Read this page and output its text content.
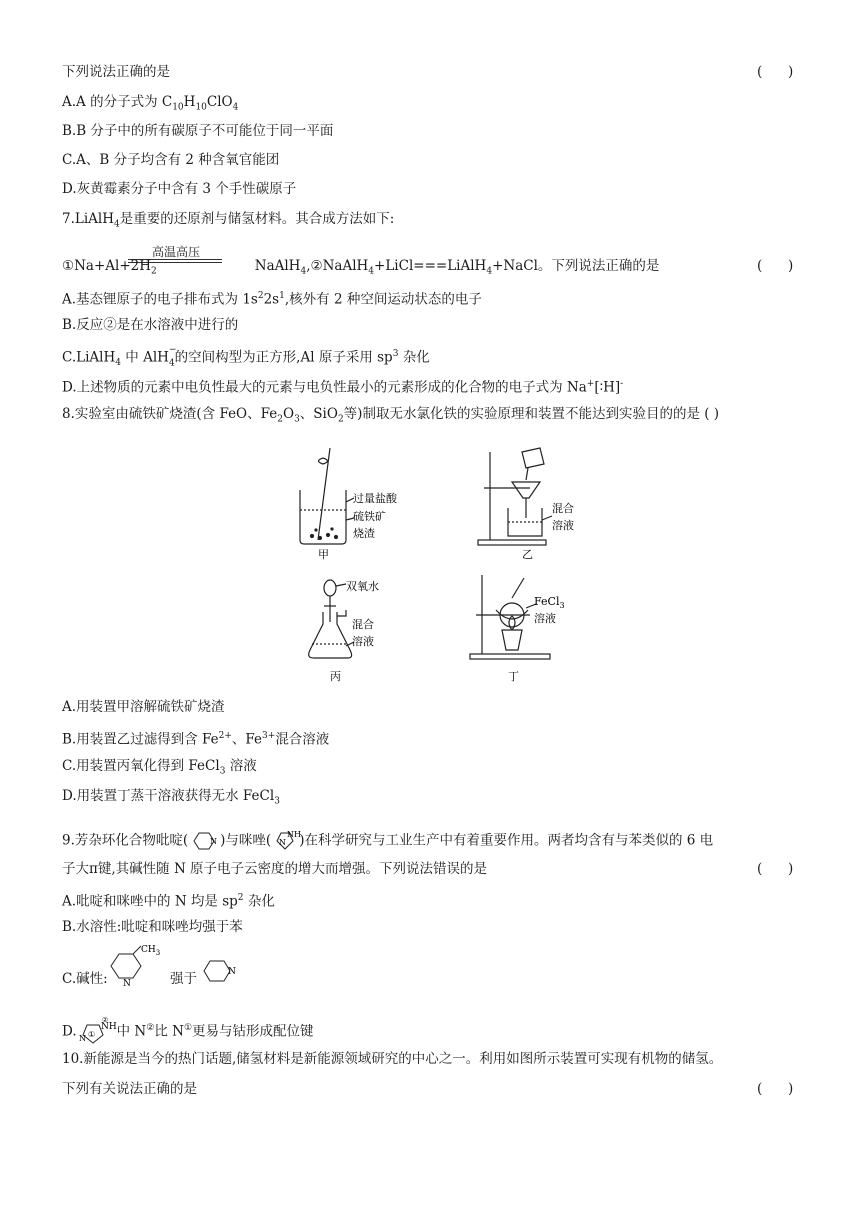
下列说法正确的是	(      )
A.A 的分子式为 $C_{10}H_{10}ClO_4$
B.B 分子中的所有碳原子不可能位于同一平面
C.A、B 分子均含有 2 种含氧官能团
D.灰黄霉素分子中含有 3 个手性碳原子
7.LiAlH$_4$是重要的还原剂与储氢材料。其合成方法如下:
高温高压
$①Na+Al+2H_2$	NaAlH$_4$,②NaAlH$_4$+LiCl===LiAlH$_4$+NaCl。下列说法正确的是	(      )
A.基态锂原子的电子排布式为 $1s^22s^1$,核外有 2 种空间运动状态的电子
B.反应②是在水溶液中进行的
C.LiAlH$_4$ 中 AlH −
$_4$的空间构型为正方形,Al 原子采用 $sp^3$ 杂化
D.上述物质的元素中电负性最大的元素与电负性最小的元素形成的化合物的电子式为 Na+[∶H]-
8.实验室由硫铁矿烧渣(含 FeO、$Fe_2O_3$、SiO$_2$等)制取无水氯化铁的实验原理和装置不能达到实验目的的是 ( )
过量盐酸
硫铁矿
烧渣
甲
混合
溶液
乙
双氧水
混合
溶液
丙
FeCl$_3$
溶液
丁
A.用装置甲溶解硫铁矿烧渣
B.用装置乙过滤得到含 $Fe^{2+}$、$Fe^{3+}$混合溶液
C.用装置丙氧化得到 FeCl$_3$ 溶液
D.用装置丁蒸干溶液获得无水 FeCl$_3$
9.芳杂环化合物吡啶(	N )与咪唑( N
NH
)在科学研究与工业生产中有着重要作用。两者均含有与苯类似的 6 电
子大π键,其碱性随 N 原子电子云密度的增大而增强。下列说法错误的是	(      )
A.吡啶和咪唑中的 N 均是 $sp^2$ 杂化
B.水溶性:吡啶和咪唑均强于苯
C.碱性:
$CH_3$
N	强于	N
D. N ①
NH
②
中 N②比 N①更易与钴形成配位键
10.新能源是当今的热门话题,储氢材料是新能源领域研究的中心之一。利用如图所示装置可实现有机物的储氢。
下列有关说法正确的是	(      )
